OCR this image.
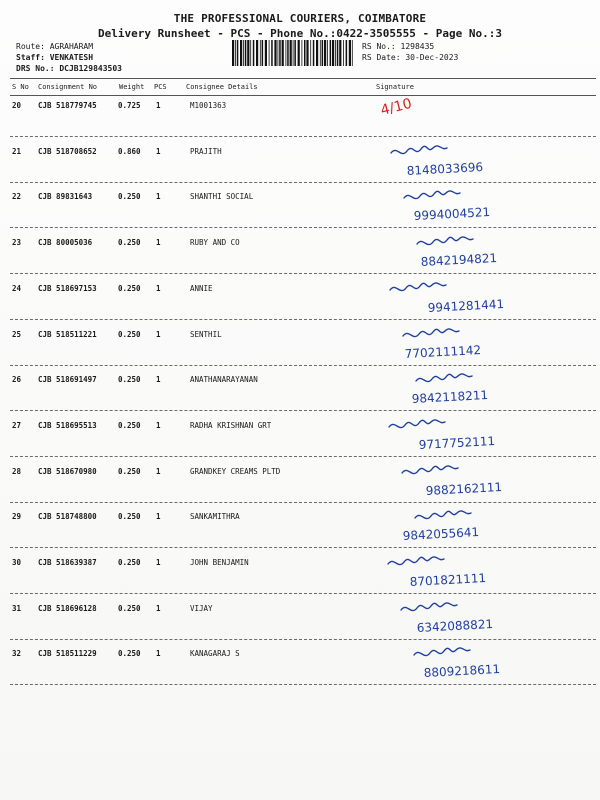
THE PROFESSIONAL COURIERS, COIMBATORE
Delivery Runsheet - PCS - Phone No.:0422-3505555 - Page No.:3
Route: AGRAHARAM
Staff: VENKATESH
DRS No.: DCJB129843503
RS No.: 1298435
RS Date: 30-Dec-2023
S No Consignment No	Weight PCS	Consignee Details	Signature
20 CJB 518779745	0.725 1	M1001363	4/10
21 CJB 518708652	0.860 1	PRAJITH
8148033696
22 CJB 89831643	0.250 1	SHANTHI SOCIAL
9994004521
23 CJB 80005036	0.250 1	RUBY AND CO
8842194821
24 CJB 518697153	0.250 1	ANNIE
9941281441
25 CJB 518511221	0.250 1	SENTHIL
7702111142
26 CJB 518691497	0.250 1	ANATHANARAYANAN
9842118211
27 CJB 518695513	0.250 1	RADHA KRISHNAN GRT
9717752111
28 CJB 518670980	0.250 1	GRANDKEY CREAMS PLTD
9882162111
29 CJB 518748800	0.250 1	SANKAMITHRA
9842055641
30 CJB 518639387	0.250 1	JOHN BENJAMIN
8701821111
31 CJB 518696128	0.250 1	VIJAY
6342088821
32 CJB 518511229	0.250 1	KANAGARAJ S
8809218611
